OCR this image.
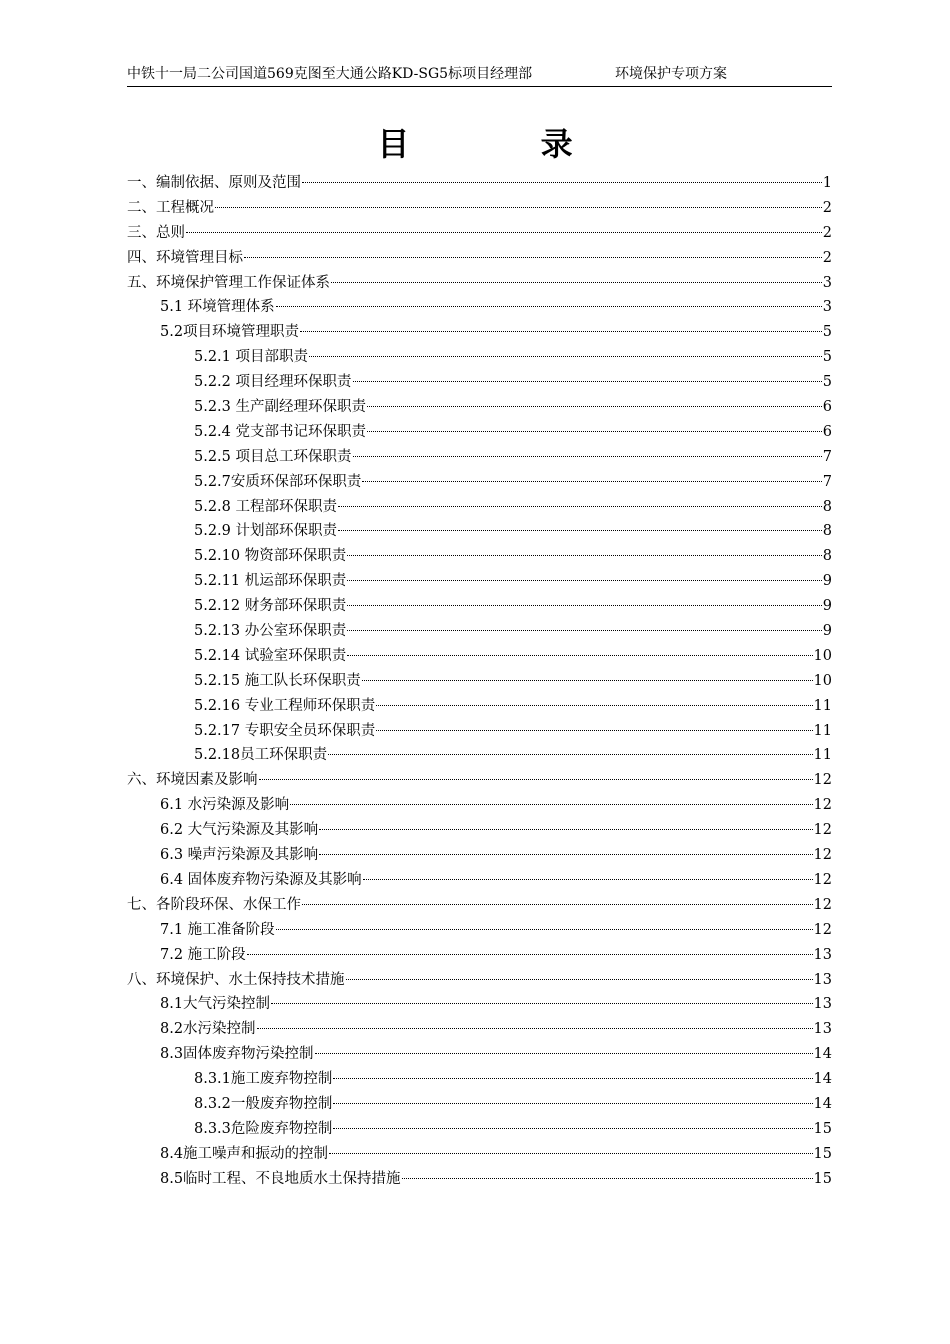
中铁十一局二公司国道569克图至大通公路KD-SG5标项目经理部	环境保护专项方案
目 录
一、编制依据、原则及范围	1
二、工程概况	2
三、总则	2
四、环境管理目标	2
五、环境保护管理工作保证体系	3
5.1 环境管理体系	3
5.2项目环境管理职责	5
5.2.1 项目部职责	5
5.2.2 项目经理环保职责	5
5.2.3 生产副经理环保职责	6
5.2.4 党支部书记环保职责	6
5.2.5 项目总工环保职责	7
5.2.7安质环保部环保职责	7
5.2.8 工程部环保职责	8
5.2.9 计划部环保职责	8
5.2.10 物资部环保职责	8
5.2.11 机运部环保职责	9
5.2.12 财务部环保职责	9
5.2.13 办公室环保职责	9
5.2.14 试验室环保职责	10
5.2.15 施工队长环保职责	10
5.2.16 专业工程师环保职责	11
5.2.17 专职安全员环保职责	11
5.2.18员工环保职责	11
六、环境因素及影响	12
6.1 水污染源及影响	12
6.2 大气污染源及其影响	12
6.3 噪声污染源及其影响	12
6.4 固体废弃物污染源及其影响	12
七、各阶段环保、水保工作	12
7.1 施工准备阶段	12
7.2 施工阶段	13
八、环境保护、水土保持技术措施	13
8.1大气污染控制	13
8.2水污染控制	13
8.3固体废弃物污染控制	14
8.3.1施工废弃物控制	14
8.3.2一般废弃物控制	14
8.3.3危险废弃物控制	15
8.4施工噪声和振动的控制	15
8.5临时工程、不良地质水土保持措施	15
